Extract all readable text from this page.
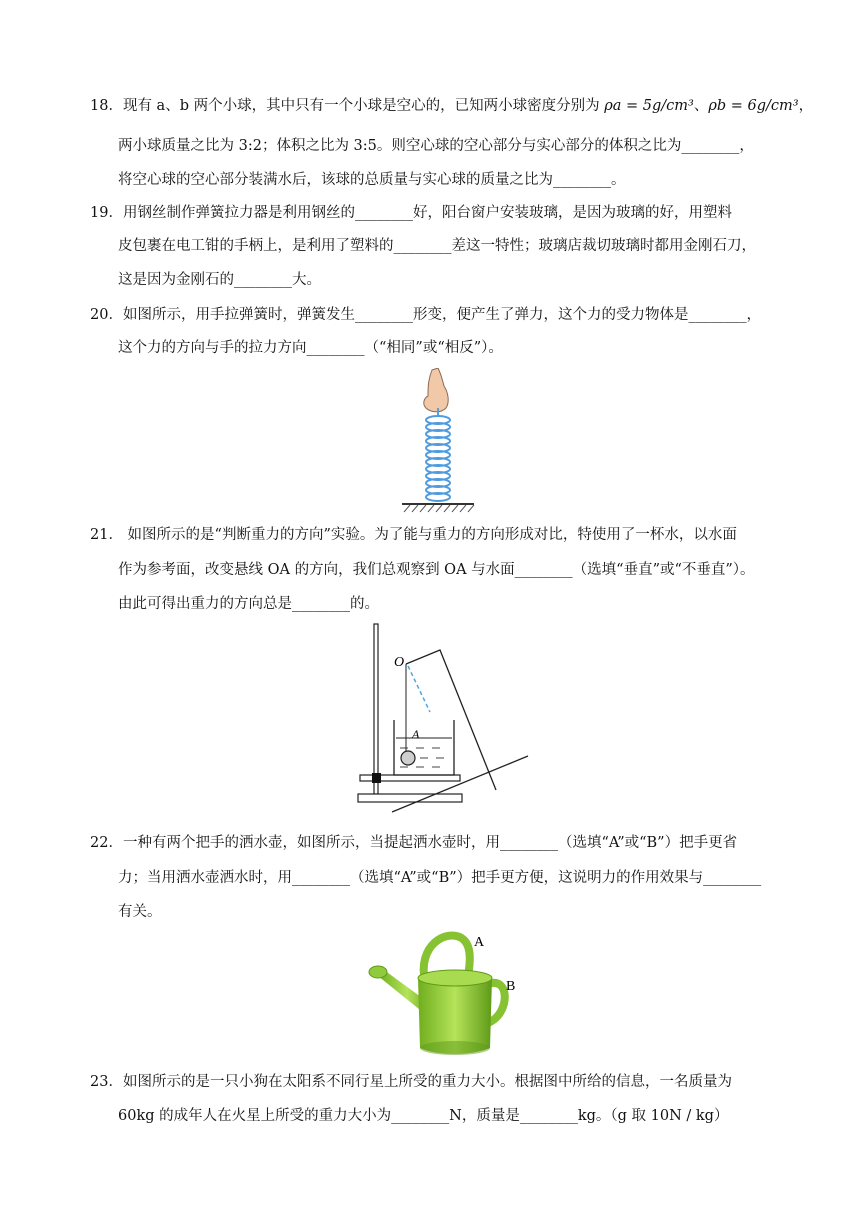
18．现有 a、b 两个小球，其中只有一个小球是空心的，已知两小球密度分别为 ρa = 5g/cm³、ρb = 6g/cm³，
两小球质量之比为 3:2；体积之比为 3:5。则空心球的空心部分与实心部分的体积之比为________，
将空心球的空心部分装满水后，该球的总质量与实心球的质量之比为________。
19．用钢丝制作弹簧拉力器是利用钢丝的________好，阳台窗户安装玻璃，是因为玻璃的好，用塑料
皮包裹在电工钳的手柄上，是利用了塑料的________差这一特性；玻璃店裁切玻璃时都用金刚石刀，
这是因为金刚石的________大。
20．如图所示，用手拉弹簧时，弹簧发生________形变，便产生了弹力，这个力的受力物体是________，
这个力的方向与手的拉力方向________（“相同”或“相反”）。
21． 如图所示的是“判断重力的方向”实验。为了能与重力的方向形成对比，特使用了一杯水，以水面
作为参考面，改变悬线 OA 的方向，我们总观察到 OA 与水面________（选填“垂直”或“不垂直”）。
由此可得出重力的方向总是________的。
O
A
22．一种有两个把手的洒水壶，如图所示，当提起洒水壶时，用________（选填“A”或“B”）把手更省
力；当用洒水壶洒水时，用________（选填“A”或“B”）把手更方便，这说明力的作用效果与________
有关。
A
B
23．如图所示的是一只小狗在太阳系不同行星上所受的重力大小。根据图中所给的信息，一名质量为
60kg 的成年人在火星上所受的重力大小为________N，质量是________kg。（g 取 10N / kg）
